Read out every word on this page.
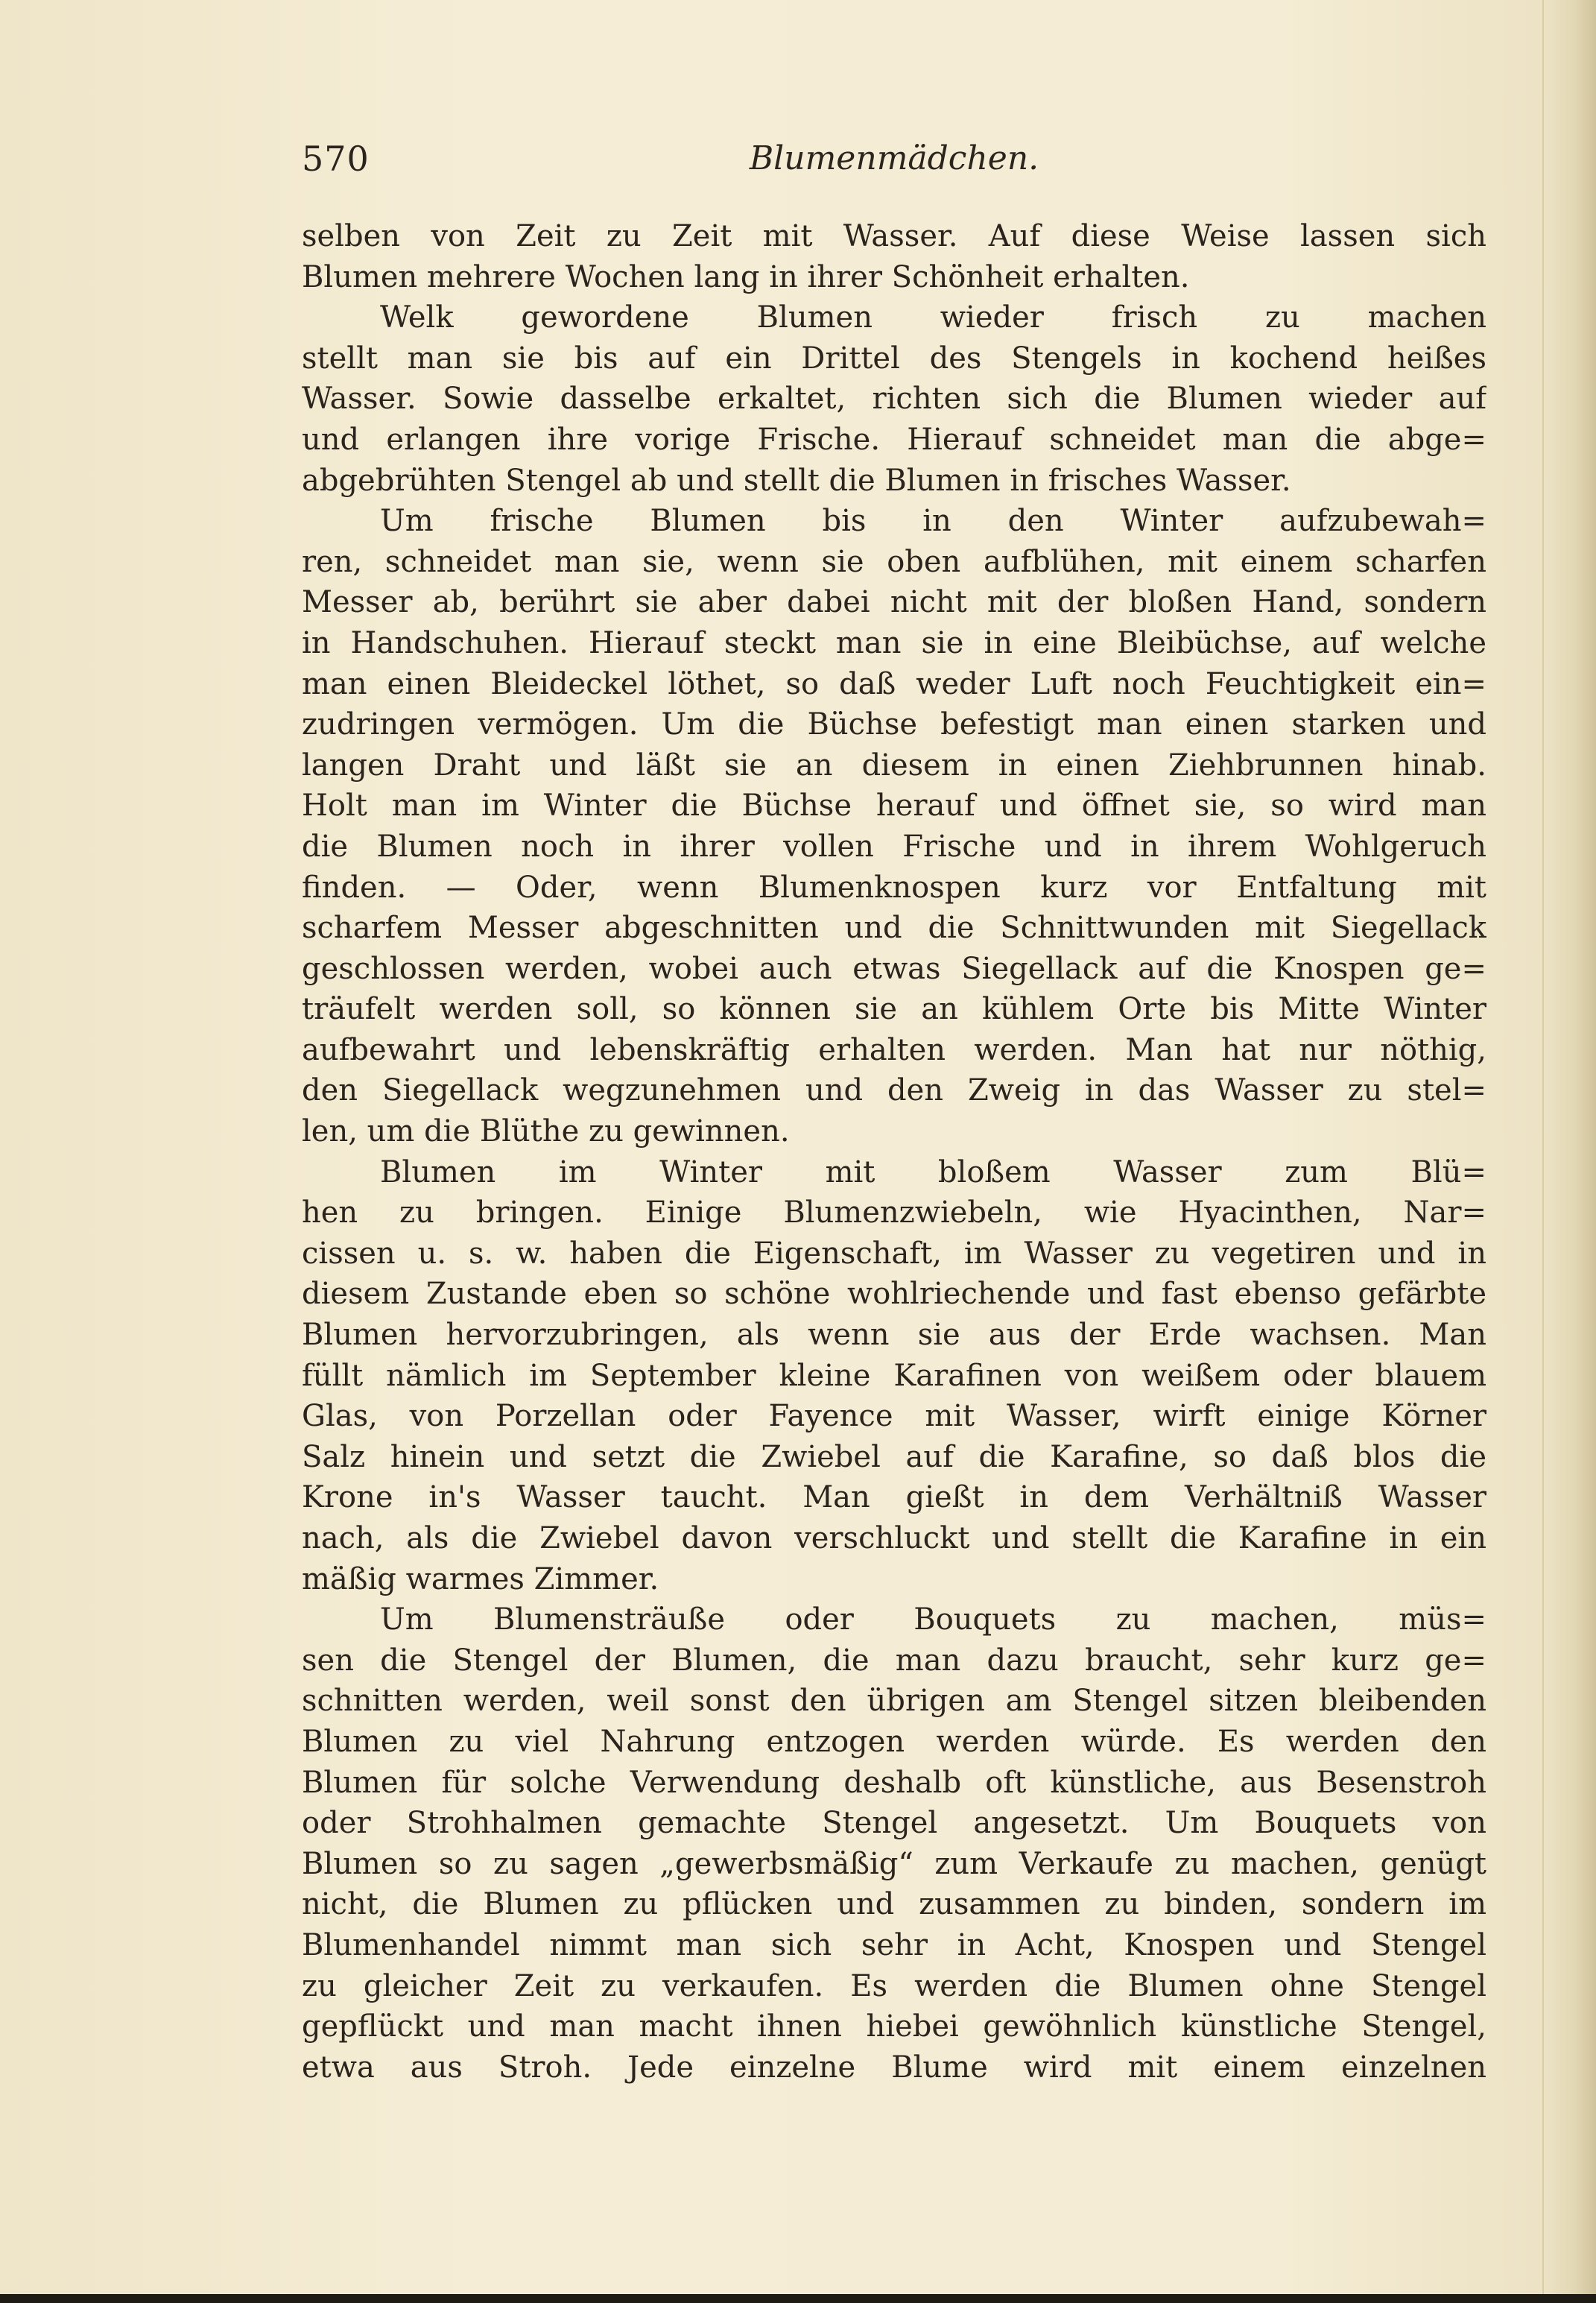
570	Blumenmädchen.
selben von Zeit zu Zeit mit Wasser. Auf diese Weise lassen sich
Blumen mehrere Wochen lang in ihrer Schönheit erhalten.
Welk gewordene Blumen wieder frisch zu machen
stellt man sie bis auf ein Drittel des Stengels in kochend heißes
Wasser. Sowie dasselbe erkaltet, richten sich die Blumen wieder auf
und erlangen ihre vorige Frische. Hierauf schneidet man die abge=
abgebrühten Stengel ab und stellt die Blumen in frisches Wasser.
Um frische Blumen bis in den Winter aufzubewah=
ren, schneidet man sie, wenn sie oben aufblühen, mit einem scharfen
Messer ab, berührt sie aber dabei nicht mit der bloßen Hand, sondern
in Handschuhen. Hierauf steckt man sie in eine Bleibüchse, auf welche
man einen Bleideckel löthet, so daß weder Luft noch Feuchtigkeit ein=
zudringen vermögen. Um die Büchse befestigt man einen starken und
langen Draht und läßt sie an diesem in einen Ziehbrunnen hinab.
Holt man im Winter die Büchse herauf und öffnet sie, so wird man
die Blumen noch in ihrer vollen Frische und in ihrem Wohlgeruch
finden. — Oder, wenn Blumenknospen kurz vor Entfaltung mit
scharfem Messer abgeschnitten und die Schnittwunden mit Siegellack
geschlossen werden, wobei auch etwas Siegellack auf die Knospen ge=
träufelt werden soll, so können sie an kühlem Orte bis Mitte Winter
aufbewahrt und lebenskräftig erhalten werden. Man hat nur nöthig,
den Siegellack wegzunehmen und den Zweig in das Wasser zu stel=
len, um die Blüthe zu gewinnen.
Blumen im Winter mit bloßem Wasser zum Blü=
hen zu bringen. Einige Blumenzwiebeln, wie Hyacinthen, Nar=
cissen u. s. w. haben die Eigenschaft, im Wasser zu vegetiren und in
diesem Zustande eben so schöne wohlriechende und fast ebenso gefärbte
Blumen hervorzubringen, als wenn sie aus der Erde wachsen. Man
füllt nämlich im September kleine Karafinen von weißem oder blauem
Glas, von Porzellan oder Fayence mit Wasser, wirft einige Körner
Salz hinein und setzt die Zwiebel auf die Karafine, so daß blos die
Krone in's Wasser taucht. Man gießt in dem Verhältniß Wasser
nach, als die Zwiebel davon verschluckt und stellt die Karafine in ein
mäßig warmes Zimmer.
Um Blumensträuße oder Bouquets zu machen, müs=
sen die Stengel der Blumen, die man dazu braucht, sehr kurz ge=
schnitten werden, weil sonst den übrigen am Stengel sitzen bleibenden
Blumen zu viel Nahrung entzogen werden würde. Es werden den
Blumen für solche Verwendung deshalb oft künstliche, aus Besenstroh
oder Strohhalmen gemachte Stengel angesetzt. Um Bouquets von
Blumen so zu sagen „gewerbsmäßig“ zum Verkaufe zu machen, genügt
nicht, die Blumen zu pflücken und zusammen zu binden, sondern im
Blumenhandel nimmt man sich sehr in Acht, Knospen und Stengel
zu gleicher Zeit zu verkaufen. Es werden die Blumen ohne Stengel
gepflückt und man macht ihnen hiebei gewöhnlich künstliche Stengel,
etwa aus Stroh. Jede einzelne Blume wird mit einem einzelnen
